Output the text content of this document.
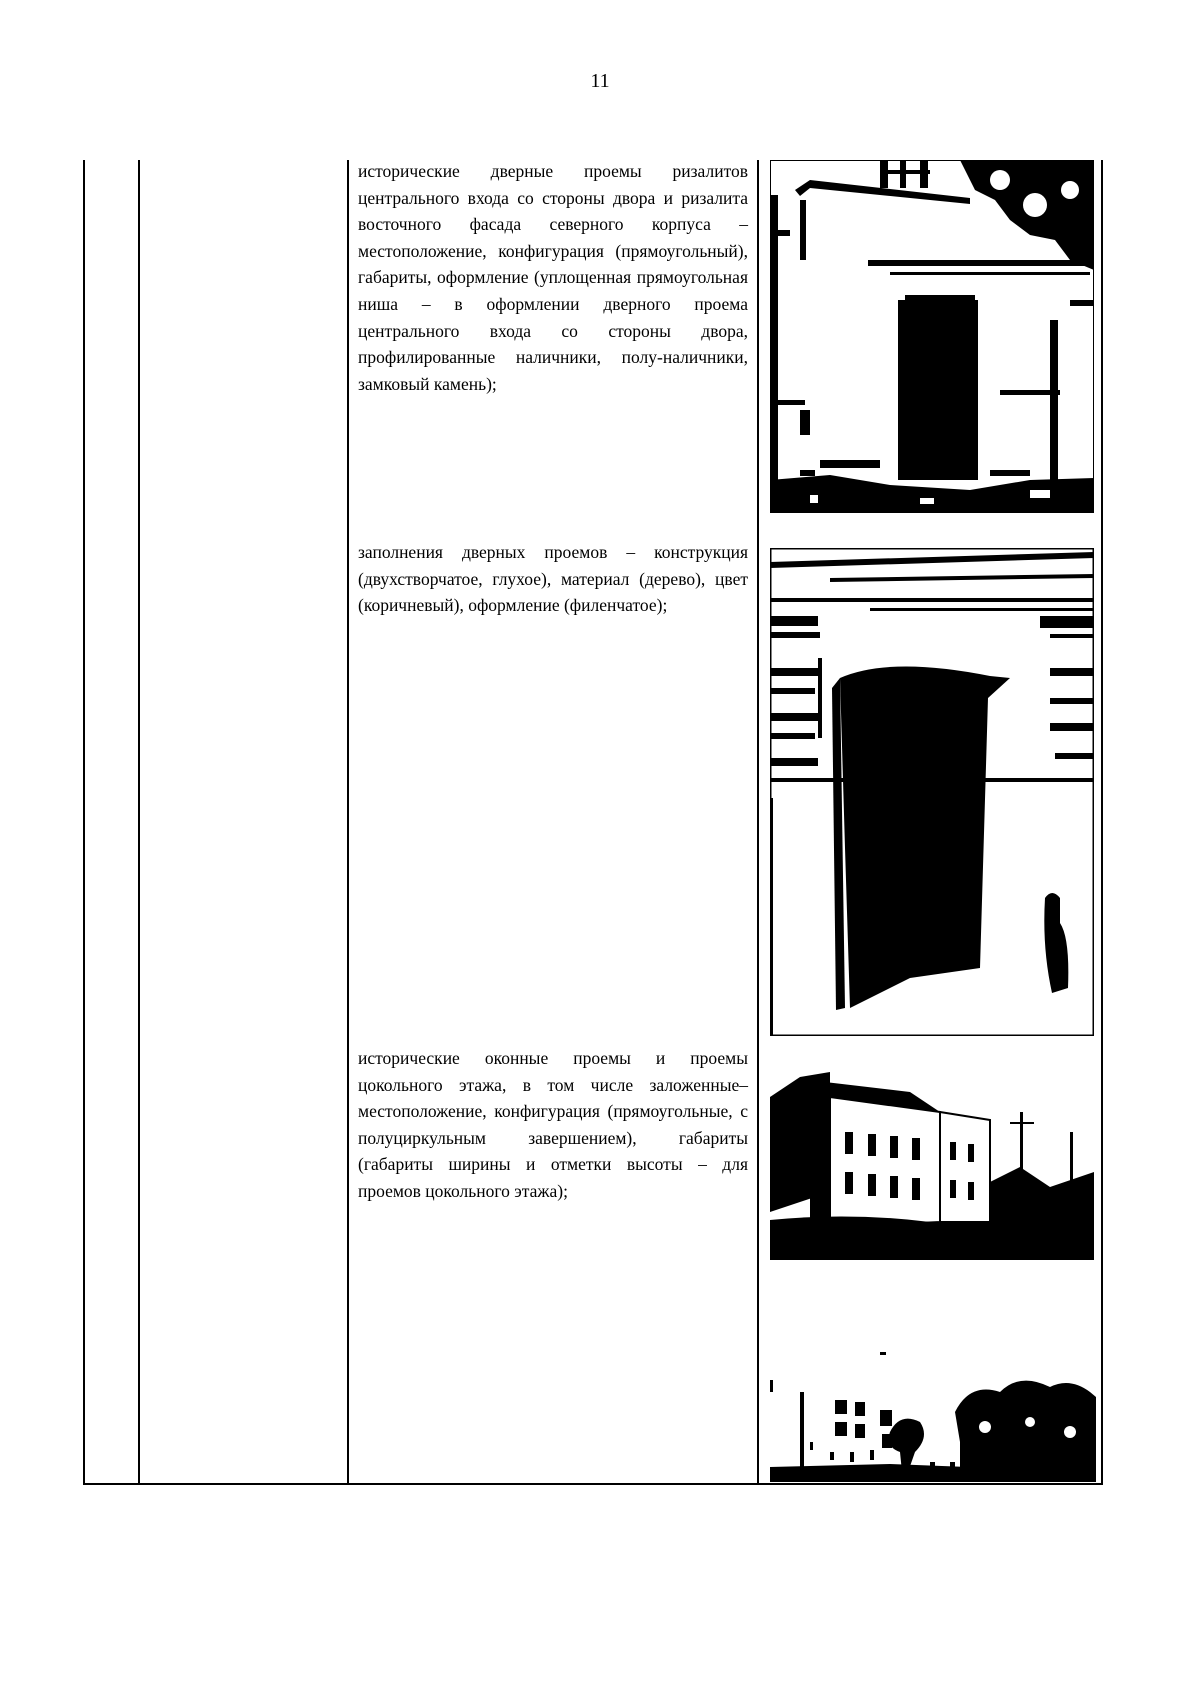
11
исторические дверные проемы ризалитов центрального входа со стороны двора и ризалита восточного фасада северного корпуса – местоположение, конфигурация (прямоугольный), габариты, оформление (уплощенная прямоугольная ниша – в оформлении дверного проема центрального входа со стороны двора, профилированные наличники, полу-наличники, замковый камень);
заполнения дверных проемов – конструкция (двухстворчатое, глухое), материал (дерево), цвет (коричневый), оформление (филенчатое);
исторические оконные проемы и проемы цокольного этажа, в том числе заложенные– местоположение, конфигурация (прямоугольные, с полуциркульным завершением), габариты (габариты ширины и отметки высоты – для проемов цокольного этажа);
